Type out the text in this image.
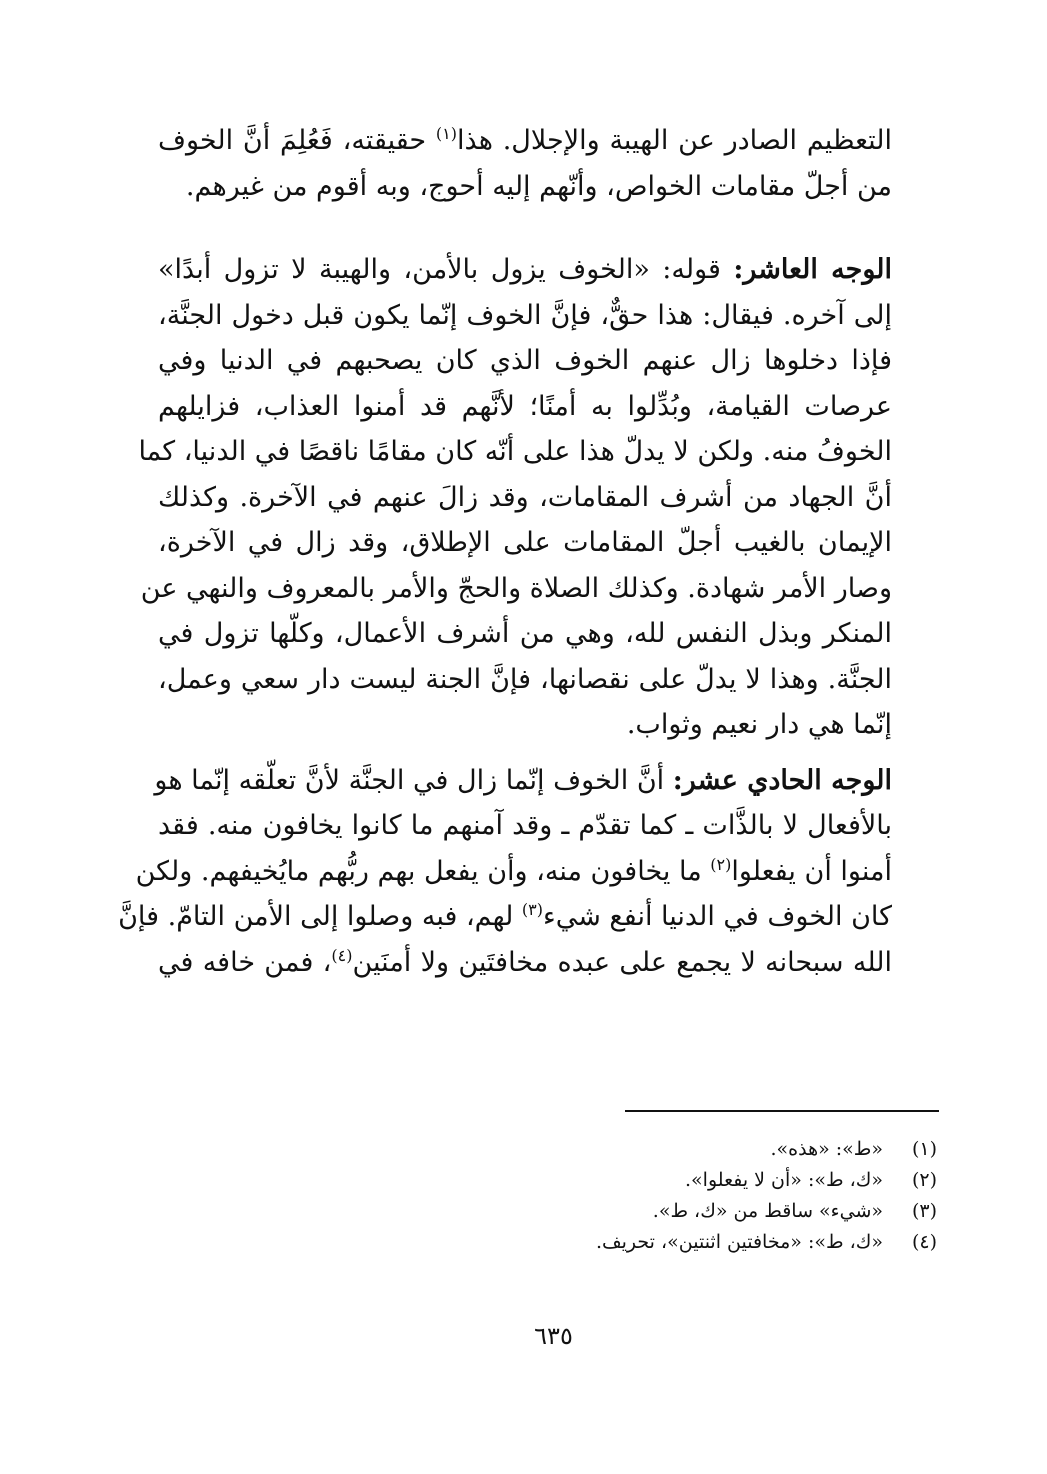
التعظيم الصادر عن الهيبة والإجلال. هذا$^{(١)}$ حقيقته، فَعُلِمَ أنَّ الخوف
من أجلّ مقامات الخواص، وأنّهم إليه أحوج، وبه أقوم من غيرهم.
الوجه العاشر: قوله: «الخوف يزول بالأمن، والهيبة لا تزول أبدًا»
إلى آخره. فيقال: هذا حقٌّ، فإنَّ الخوف إنّما يكون قبل دخول الجنَّة،
فإذا دخلوها زال عنهم الخوف الذي كان يصحبهم في الدنيا وفي
عرصات القيامة، وبُدِّلوا به أمنًا؛ لأنَّهم قد أمنوا العذاب، فزايلهم
الخوفُ منه. ولكن لا يدلّ هذا على أنّه كان مقامًا ناقصًا في الدنيا، كما
أنَّ الجهاد من أشرف المقامات، وقد زالَ عنهم في الآخرة. وكذلك
الإيمان بالغيب أجلّ المقامات على الإطلاق، وقد زال في الآخرة،
وصار الأمر شهادة. وكذلك الصلاة والحجّ والأمر بالمعروف والنهي عن
المنكر وبذل النفس لله، وهي من أشرف الأعمال، وكلّها تزول في
الجنَّة. وهذا لا يدلّ على نقصانها، فإنَّ الجنة ليست دار سعي وعمل،
إنّما هي دار نعيم وثواب.
الوجه الحادي عشر: أنَّ الخوف إنّما زال في الجنَّة لأنَّ تعلّقه إنّما هو
بالأفعال لا بالذَّات ـ كما تقدّم ـ وقد آمنهم ما كانوا يخافون منه. فقد
أمنوا أن يفعلوا$^{(٢)}$ ما يخافون منه، وأن يفعل بهم ربُّهم مايُخيفهم. ولكن
كان الخوف في الدنيا أنفع شيء$^{(٣)}$ لهم، فبه وصلوا إلى الأمن التامّ. فإنَّ
الله سبحانه لا يجمع على عبده مخافتَين ولا أمنَين$^{(٤)}$، فمن خافه في
(١)
«ط»: «هذه».
(٢)
«ك، ط»: «أن لا يفعلوا».
(٣)
«شيء» ساقط من «ك، ط».
(٤)
«ك، ط»: «مخافتين اثنتين»، تحريف.
٦٣٥
